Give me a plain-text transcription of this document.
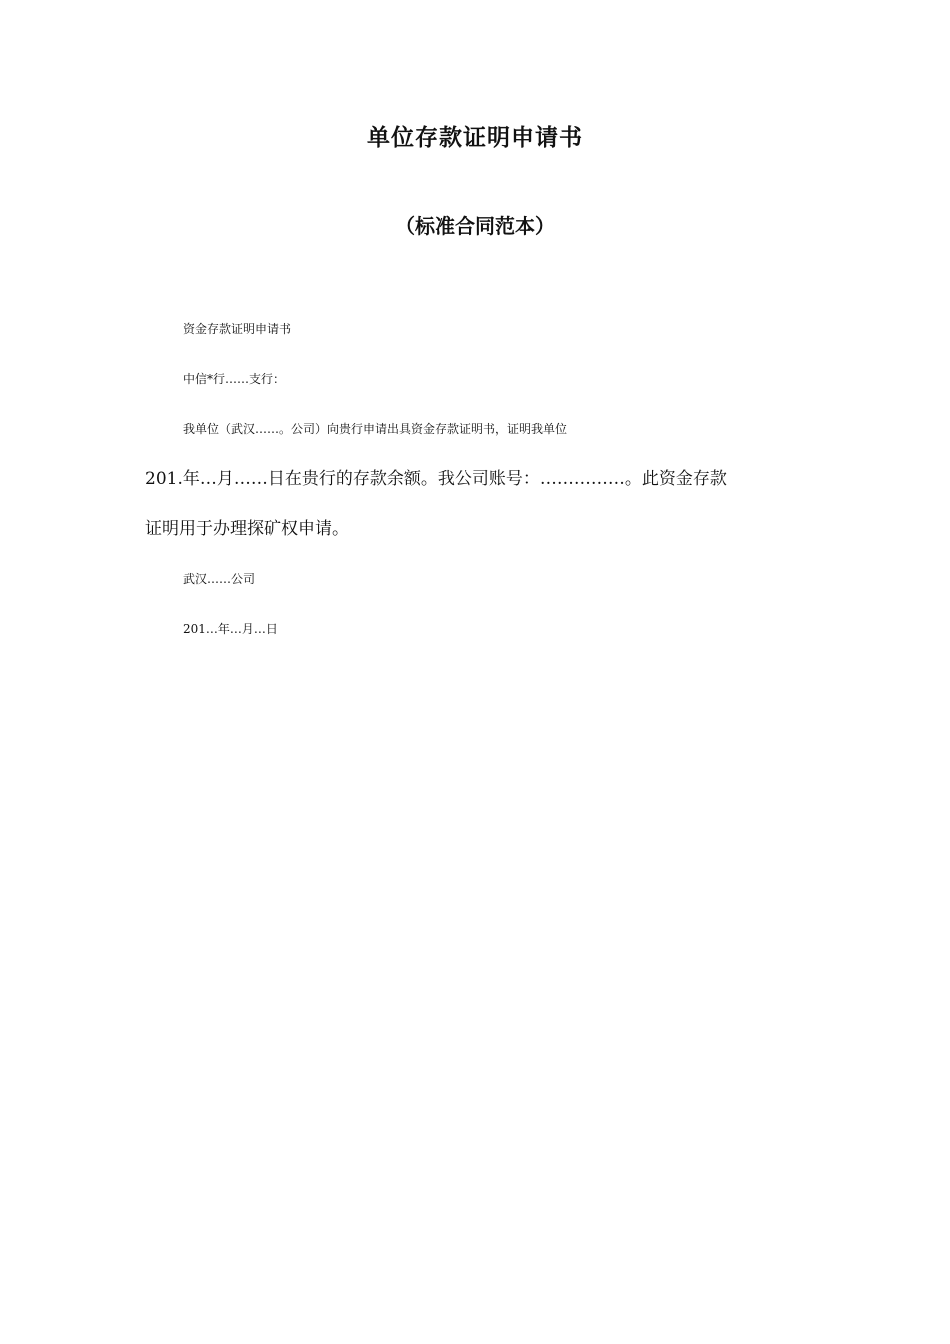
单位存款证明申请书
（标准合同范本）

资金存款证明申请书

中信*行……支行：

我单位（武汉……。公司）向贵行申请出具资金存款证明书，证明我单位

201.年…月……日在贵行的存款余额。我公司账号：……………。此资金存款

证明用于办理探矿权申请。

武汉……公司

201…年…月…日
